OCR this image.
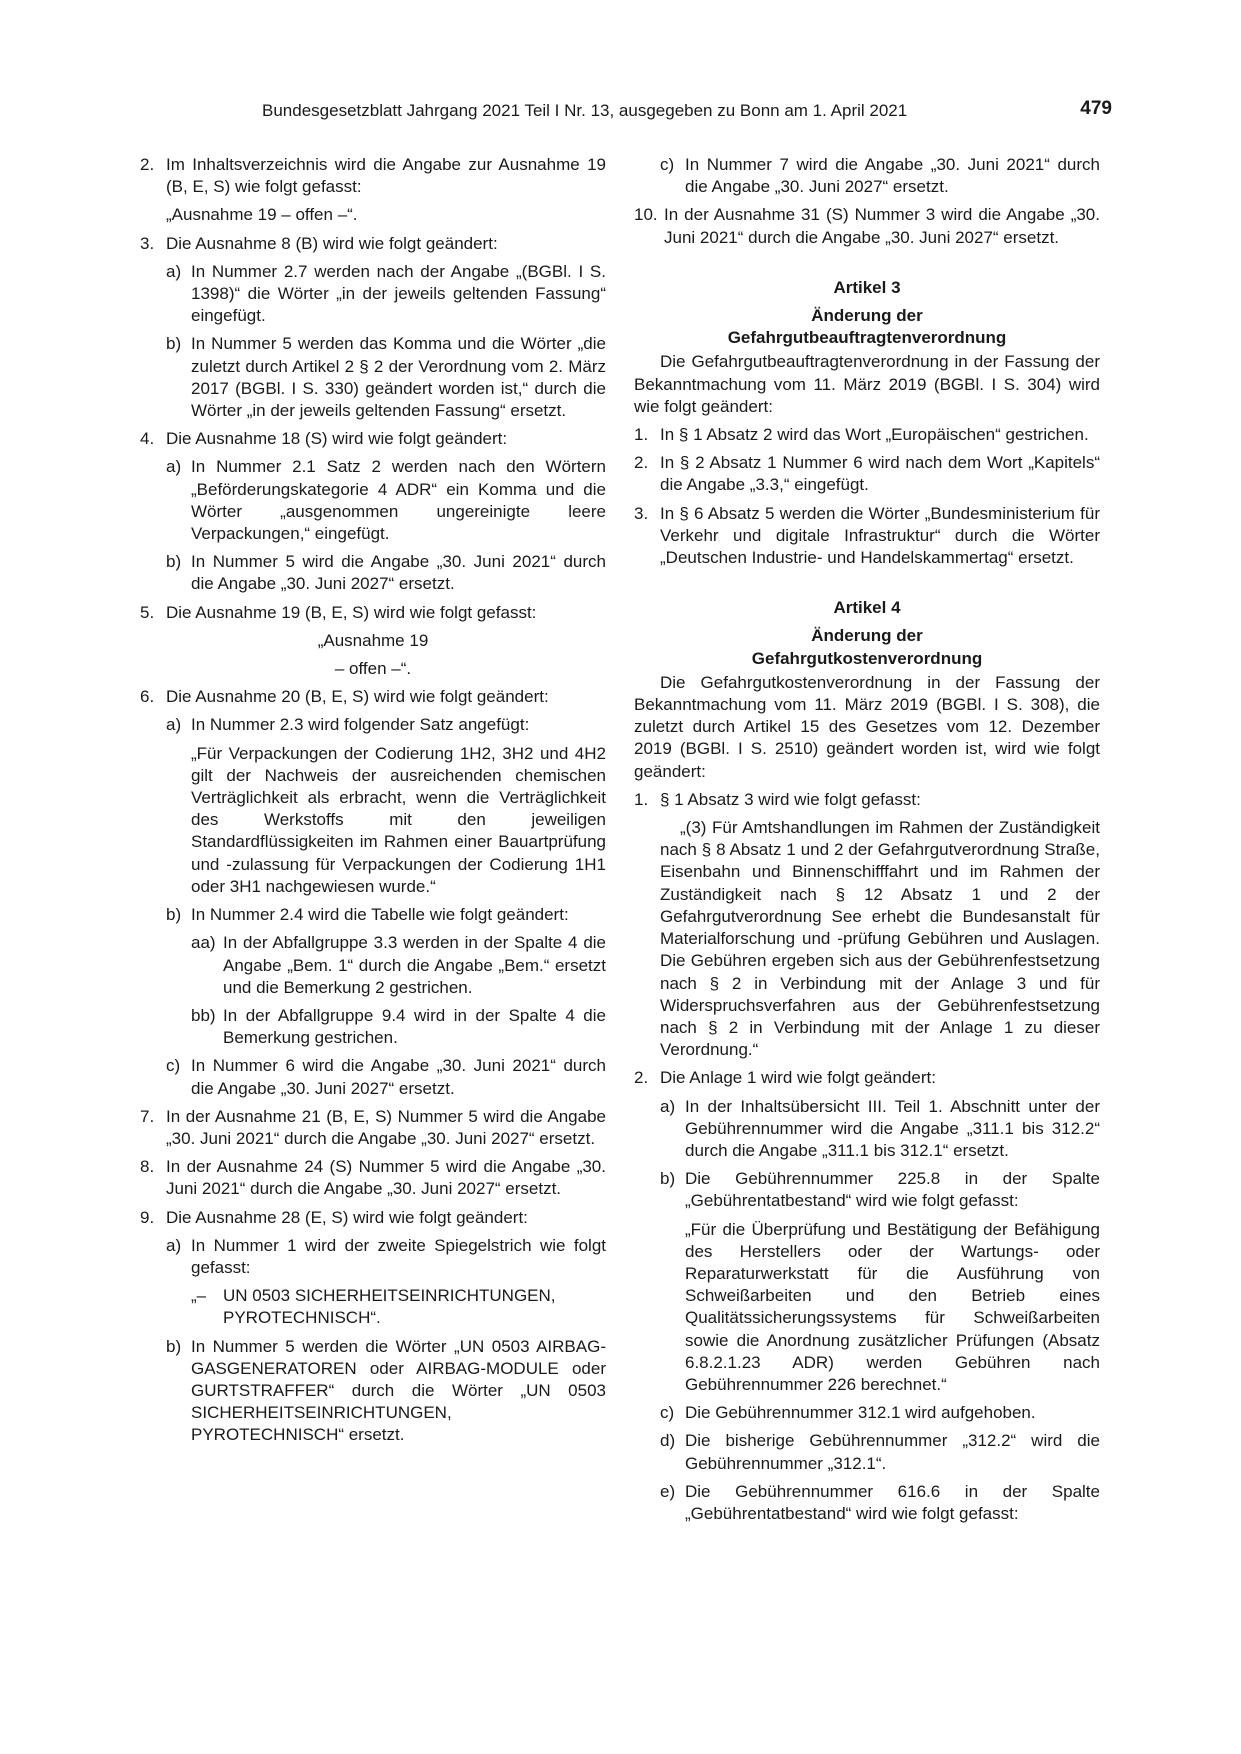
Bundesgesetzblatt Jahrgang 2021 Teil I Nr. 13, ausgegeben zu Bonn am 1. April 2021	479
2. Im Inhaltsverzeichnis wird die Angabe zur Ausnahme 19 (B, E, S) wie folgt gefasst:

„Ausnahme 19 – offen –“.

3. Die Ausnahme 8 (B) wird wie folgt geändert:

a) In Nummer 2.7 werden nach der Angabe „(BGBl. I S. 1398)“ die Wörter „in der jeweils geltenden Fassung“ eingefügt.

b) In Nummer 5 werden das Komma und die Wörter „die zuletzt durch Artikel 2 § 2 der Verordnung vom 2. März 2017 (BGBl. I S. 330) geändert worden ist,“ durch die Wörter „in der jeweils geltenden Fassung“ ersetzt.

4. Die Ausnahme 18 (S) wird wie folgt geändert:

a) In Nummer 2.1 Satz 2 werden nach den Wörtern „Beförderungskategorie 4 ADR“ ein Komma und die Wörter „ausgenommen ungereinigte leere Verpackungen,“ eingefügt.

b) In Nummer 5 wird die Angabe „30. Juni 2021“ durch die Angabe „30. Juni 2027“ ersetzt.

5. Die Ausnahme 19 (B, E, S) wird wie folgt gefasst:

„Ausnahme 19

– offen –“.

6. Die Ausnahme 20 (B, E, S) wird wie folgt geändert:

a) In Nummer 2.3 wird folgender Satz angefügt:

„Für Verpackungen der Codierung 1H2, 3H2 und 4H2 gilt der Nachweis der ausreichenden chemischen Verträglichkeit als erbracht, wenn die Verträglichkeit des Werkstoffs mit den jeweiligen Standardflüssigkeiten im Rahmen einer Bauartprüfung und -zulassung für Verpackungen der Codierung 1H1 oder 3H1 nachgewiesen wurde.“

b) In Nummer 2.4 wird die Tabelle wie folgt geändert:

aa) In der Abfallgruppe 3.3 werden in der Spalte 4 die Angabe „Bem. 1“ durch die Angabe „Bem.“ ersetzt und die Bemerkung 2 gestrichen.

bb) In der Abfallgruppe 9.4 wird in der Spalte 4 die Bemerkung gestrichen.

c) In Nummer 6 wird die Angabe „30. Juni 2021“ durch die Angabe „30. Juni 2027“ ersetzt.

7. In der Ausnahme 21 (B, E, S) Nummer 5 wird die Angabe „30. Juni 2021“ durch die Angabe „30. Juni 2027“ ersetzt.

8. In der Ausnahme 24 (S) Nummer 5 wird die Angabe „30. Juni 2021“ durch die Angabe „30. Juni 2027“ ersetzt.

9. Die Ausnahme 28 (E, S) wird wie folgt geändert:

a) In Nummer 1 wird der zweite Spiegelstrich wie folgt gefasst:

„– UN 0503 SICHERHEITSEINRICHTUNGEN, PYROTECHNISCH“.

b) In Nummer 5 werden die Wörter „UN 0503 AIRBAG-GASGENERATOREN oder AIRBAG-MODULE oder GURTSTRAFFER“ durch die Wörter „UN 0503 SICHERHEITSEINRICHTUNGEN, PYROTECHNISCH“ ersetzt.

c) In Nummer 7 wird die Angabe „30. Juni 2021“ durch die Angabe „30. Juni 2027“ ersetzt.

10. In der Ausnahme 31 (S) Nummer 3 wird die Angabe „30. Juni 2021“ durch die Angabe „30. Juni 2027“ ersetzt.

Artikel 3

Änderung der

Gefahrgutbeauftragtenverordnung

Die Gefahrgutbeauftragtenverordnung in der Fassung der Bekanntmachung vom 11. März 2019 (BGBl. I S. 304) wird wie folgt geändert:

1. In § 1 Absatz 2 wird das Wort „Europäischen“ gestrichen.

2. In § 2 Absatz 1 Nummer 6 wird nach dem Wort „Kapitels“ die Angabe „3.3,“ eingefügt.

3. In § 6 Absatz 5 werden die Wörter „Bundesministerium für Verkehr und digitale Infrastruktur“ durch die Wörter „Deutschen Industrie- und Handelskammertag“ ersetzt.

Artikel 4

Änderung der

Gefahrgutkostenverordnung

Die Gefahrgutkostenverordnung in der Fassung der Bekanntmachung vom 11. März 2019 (BGBl. I S. 308), die zuletzt durch Artikel 15 des Gesetzes vom 12. Dezember 2019 (BGBl. I S. 2510) geändert worden ist, wird wie folgt geändert:

1. § 1 Absatz 3 wird wie folgt gefasst:

„(3) Für Amtshandlungen im Rahmen der Zuständigkeit nach § 8 Absatz 1 und 2 der Gefahrgutverordnung Straße, Eisenbahn und Binnenschifffahrt und im Rahmen der Zuständigkeit nach § 12 Absatz 1 und 2 der Gefahrgutverordnung See erhebt die Bundesanstalt für Materialforschung und -prüfung Gebühren und Auslagen. Die Gebühren ergeben sich aus der Gebührenfestsetzung nach § 2 in Verbindung mit der Anlage 3 und für Widerspruchsverfahren aus der Gebührenfestsetzung nach § 2 in Verbindung mit der Anlage 1 zu dieser Verordnung.“

2. Die Anlage 1 wird wie folgt geändert:

a) In der Inhaltsübersicht III. Teil 1. Abschnitt unter der Gebührennummer wird die Angabe „311.1 bis 312.2“ durch die Angabe „311.1 bis 312.1“ ersetzt.

b) Die Gebührennummer 225.8 in der Spalte „Gebührentatbestand“ wird wie folgt gefasst:

„Für die Überprüfung und Bestätigung der Befähigung des Herstellers oder der Wartungs- oder Reparaturwerkstatt für die Ausführung von Schweißarbeiten und den Betrieb eines Qualitätssicherungssystems für Schweißarbeiten sowie die Anordnung zusätzlicher Prüfungen (Absatz 6.8.2.1.23 ADR) werden Gebühren nach Gebührennummer 226 berechnet.“

c) Die Gebührennummer 312.1 wird aufgehoben.

d) Die bisherige Gebührennummer „312.2“ wird die Gebührennummer „312.1“.

e) Die Gebührennummer 616.6 in der Spalte „Gebührentatbestand“ wird wie folgt gefasst:
